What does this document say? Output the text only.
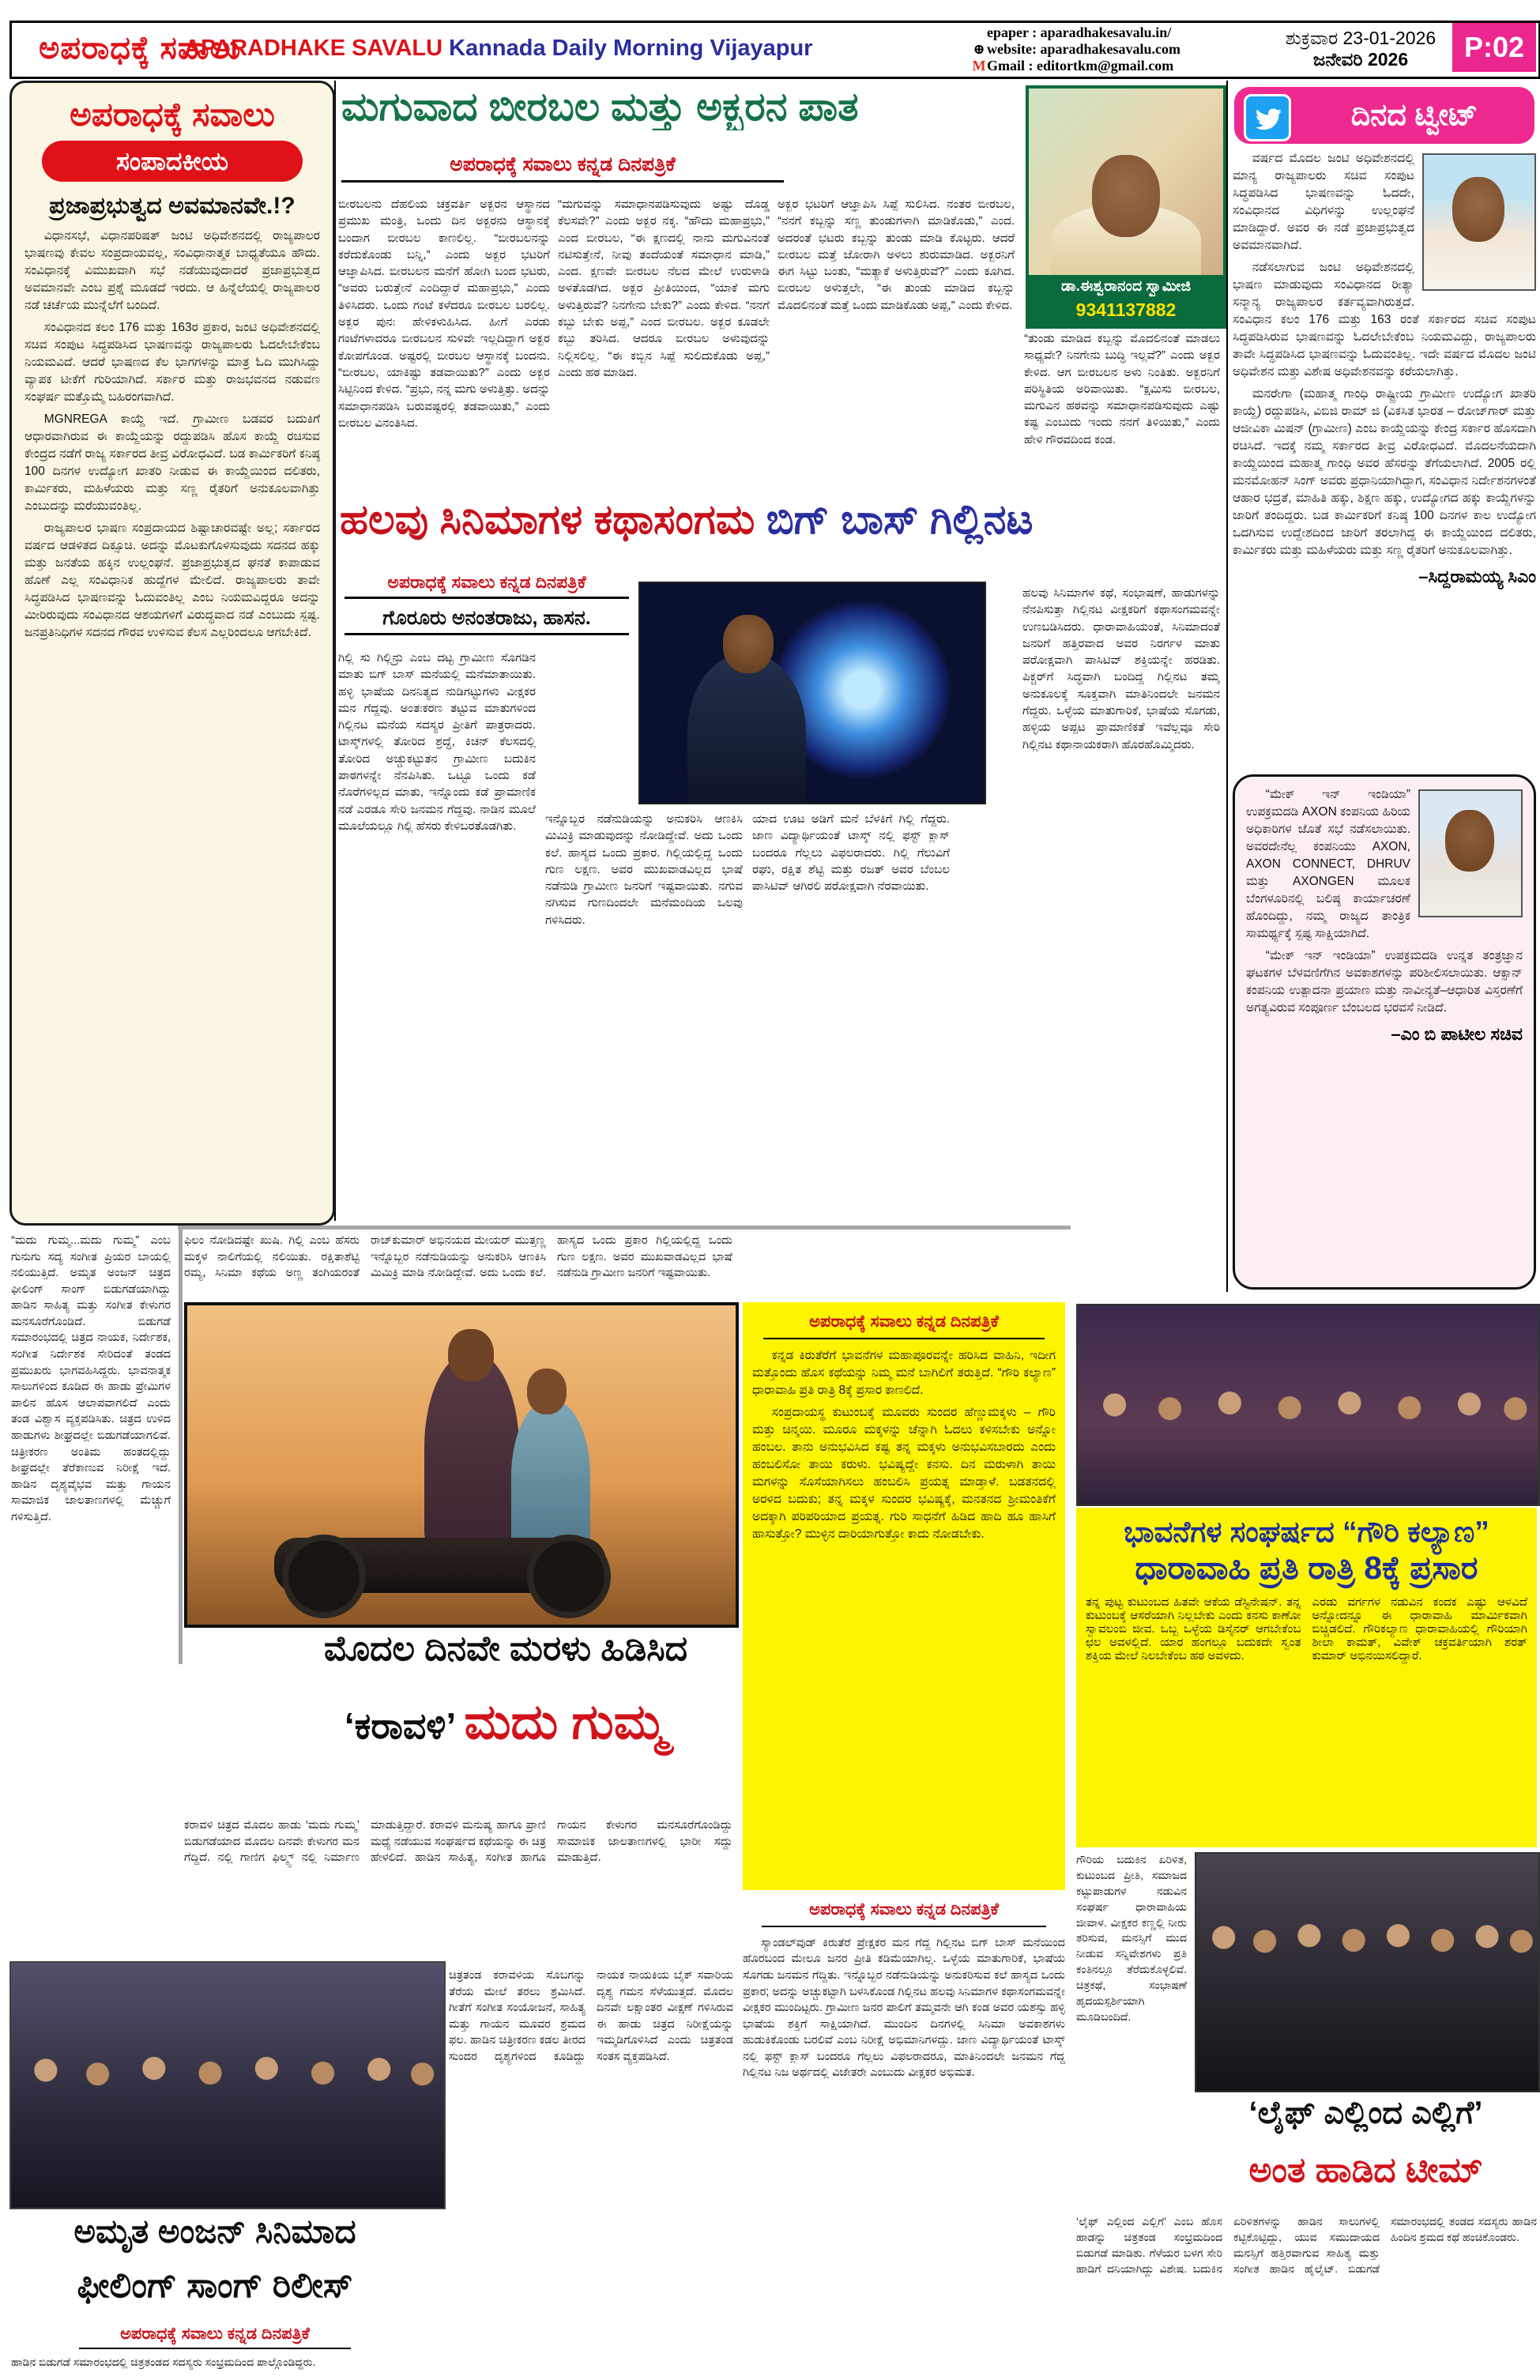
ಅಪರಾಧಕ್ಕೆ ಸವಾಲು
APARADHAKE SAVALU Kannada Daily Morning Vijayapur
epaper : aparadhakesavalu.in/
⊕ website: aparadhakesavalu.com
MGmail : editortkm@gmail.com
ಶುಕ್ರವಾರ 23-01-2026
ಜನೇವರಿ 2026	P:02
ಅಪರಾಧಕ್ಕೆ ಸವಾಲು
ಸಂಪಾದಕೀಯ
ಪ್ರಜಾಪ್ರಭುತ್ವದ ಅವಮಾನವೇ.!?

ವಿಧಾನಸಭೆ, ವಿಧಾನಪರಿಷತ್ ಜಂಟಿ ಅಧಿವೇಶನದಲ್ಲಿ ರಾಜ್ಯಪಾಲರ ಭಾಷಣವು ಕೇವಲ ಸಂಪ್ರದಾಯವಲ್ಲ, ಸಂವಿಧಾನಾತ್ಮಕ ಬಾಧ್ಯತೆಯೂ ಹೌದು. ಸಂವಿಧಾನಕ್ಕೆ ವಿಮುಖವಾಗಿ ಸಭೆ ನಡೆಯುವುದಾದರೆ ಪ್ರಜಾಪ್ರಭುತ್ವದ ಅವಮಾನವೇ ಎಂಬ ಪ್ರಶ್ನೆ ಮೂಡದೆ ಇರದು. ಆ ಹಿನ್ನೆಲೆಯಲ್ಲಿ ರಾಜ್ಯಪಾಲರ ನಡೆ ಚರ್ಚೆಯ ಮುನ್ನೆಲೆಗೆ ಬಂದಿದೆ.

ಸಂವಿಧಾನದ ಕಲಂ 176 ಮತ್ತು 163ರ ಪ್ರಕಾರ, ಜಂಟಿ ಅಧಿವೇಶನದಲ್ಲಿ ಸಚಿವ ಸಂಪುಟ ಸಿದ್ಧಪಡಿಸಿದ ಭಾಷಣವನ್ನು ರಾಜ್ಯಪಾಲರು ಓದಲೇಬೇಕೆಂಬ ನಿಯಮವಿದೆ. ಆದರೆ ಭಾಷಣದ ಕೆಲ ಭಾಗಗಳನ್ನು ಮಾತ್ರ ಓದಿ ಮುಗಿಸಿದ್ದು ವ್ಯಾಪಕ ಟೀಕೆಗೆ ಗುರಿಯಾಗಿದೆ. ಸರ್ಕಾರ ಮತ್ತು ರಾಜಭವನದ ನಡುವಣ ಸಂಘರ್ಷ ಮತ್ತೊಮ್ಮೆ ಬಹಿರಂಗವಾಗಿದೆ.

MGNREGA ಕಾಯ್ದೆ ಇದೆ. ಗ್ರಾಮೀಣ ಬಡವರ ಬದುಕಿಗೆ ಆಧಾರವಾಗಿರುವ ಈ ಕಾಯ್ದೆಯನ್ನು ರದ್ದುಪಡಿಸಿ ಹೊಸ ಕಾಯ್ದೆ ರಚಿಸುವ ಕೇಂದ್ರದ ನಡೆಗೆ ರಾಜ್ಯ ಸರ್ಕಾರದ ತೀವ್ರ ವಿರೋಧವಿದೆ. ಬಡ ಕಾರ್ಮಿಕರಿಗೆ ಕನಿಷ್ಠ 100 ದಿನಗಳ ಉದ್ಯೋಗ ಖಾತರಿ ನೀಡುವ ಈ ಕಾಯ್ದೆಯಿಂದ ದಲಿತರು, ಕಾರ್ಮಿಕರು, ಮಹಿಳೆಯರು ಮತ್ತು ಸಣ್ಣ ರೈತರಿಗೆ ಅನುಕೂಲವಾಗಿತ್ತು ಎಂಬುದನ್ನು ಮರೆಯುವಂತಿಲ್ಲ.

ರಾಜ್ಯಪಾಲರ ಭಾಷಣ ಸಂಪ್ರದಾಯದ ಶಿಷ್ಟಾಚಾರವಷ್ಟೇ ಅಲ್ಲ; ಸರ್ಕಾರದ ವರ್ಷದ ಆಡಳಿತದ ದಿಕ್ಸೂಚಿ. ಅದನ್ನು ಮೊಟಕುಗೊಳಿಸುವುದು ಸದನದ ಹಕ್ಕು ಮತ್ತು ಜನತೆಯ ಹಕ್ಕಿನ ಉಲ್ಲಂಘನೆ. ಪ್ರಜಾಪ್ರಭುತ್ವದ ಘನತೆ ಕಾಪಾಡುವ ಹೊಣೆ ಎಲ್ಲ ಸಂವಿಧಾನಿಕ ಹುದ್ದೆಗಳ ಮೇಲಿದೆ. ರಾಜ್ಯಪಾಲರು ತಾವೇ ಸಿದ್ಧಪಡಿಸಿದ ಭಾಷಣವನ್ನು ಓದುವಂತಿಲ್ಲ ಎಂಬ ನಿಯಮವಿದ್ದರೂ ಅದನ್ನು ಮೀರಿರುವುದು ಸಂವಿಧಾನದ ಆಶಯಗಳಿಗೆ ವಿರುದ್ಧವಾದ ನಡೆ ಎಂಬುದು ಸ್ಪಷ್ಟ. ಜನಪ್ರತಿನಿಧಿಗಳ ಸದನದ ಗೌರವ ಉಳಿಸುವ ಕೆಲಸ ಎಲ್ಲರಿಂದಲೂ ಆಗಬೇಕಿದೆ.

ಮಗುವಾದ ಬೀರಬಲ ಮತ್ತು ಅಕ್ಬರನ ಪಾತ
ಅಪರಾಧಕ್ಕೆ ಸವಾಲು ಕನ್ನಡ ದಿನಪತ್ರಿಕೆ
ಬೀರಬಲನು ದೆಹಲಿಯ ಚಕ್ರವರ್ತಿ ಅಕ್ಬರನ ಆಸ್ಥಾನದ ಪ್ರಮುಖ ಮಂತ್ರಿ, ಒಂದು ದಿನ ಅಕ್ಬರನು ಆಸ್ಥಾನಕ್ಕೆ ಬಂದಾಗ ಬೀರಬಲ ಕಾಣಲಿಲ್ಲ. “ಬೀರಬಲನನ್ನು ಕರೆದುಕೊಂಡು ಬನ್ನಿ,” ಎಂದು ಅಕ್ಬರ ಭಟರಿಗೆ ಆಜ್ಞಾಪಿಸಿದ. ಬೀರಬಲನ ಮನೆಗೆ ಹೋಗಿ ಬಂದ ಭಟರು, “ಅವರು ಬರುತ್ತೇನೆ ಎಂದಿದ್ದಾರೆ ಮಹಾಪ್ರಭು,” ಎಂದು ತಿಳಿಸಿದರು. ಒಂದು ಗಂಟೆ ಕಳೆದರೂ ಬೀರಬಲ ಬರಲಿಲ್ಲ. ಅಕ್ಬರ ಪುನಃ ಹೇಳಿಕಳುಹಿಸಿದ. ಹೀಗೆ ಎರಡು ಗಂಟೆಗಳಾದರೂ ಬೀರಬಲನ ಸುಳಿವೇ ಇಲ್ಲದಿದ್ದಾಗ ಅಕ್ಬರ ಕೋಪಗೊಂಡ. ಅಷ್ಟರಲ್ಲಿ ಬೀರಬಲ ಆಸ್ಥಾನಕ್ಕೆ ಬಂದನು. “ಬೀರಬಲ, ಯಾಕಿಷ್ಟು ತಡವಾಯಿತು?” ಎಂದು ಅಕ್ಬರ ಸಿಟ್ಟಿನಿಂದ ಕೇಳಿದ. “ಪ್ರಭು, ನನ್ನ ಮಗು ಅಳುತ್ತಿತ್ತು. ಅದನ್ನು ಸಮಾಧಾನಪಡಿಸಿ ಬರುವಷ್ಟರಲ್ಲಿ ತಡವಾಯಿತು,” ಎಂದು ಬೀರಬಲ ವಿನಂತಿಸಿದ.
“ಮಗುವನ್ನು ಸಮಾಧಾನಪಡಿಸುವುದು ಅಷ್ಟು ದೊಡ್ಡ ಕೆಲಸವೇ?” ಎಂದು ಅಕ್ಬರ ನಕ್ಕ. “ಹೌದು ಮಹಾಪ್ರಭು,” ಎಂದ ಬೀರಬಲ, “ಈ ಕ್ಷಣದಲ್ಲಿ ನಾನು ಮಗುವಿನಂತೆ ನಟಿಸುತ್ತೇನೆ, ನೀವು ತಂದೆಯಂತೆ ಸಮಾಧಾನ ಮಾಡಿ,” ಎಂದ. ಕ್ಷಣವೇ ಬೀರಬಲ ನೆಲದ ಮೇಲೆ ಉರುಳಾಡಿ ಅಳತೊಡಗಿದ. ಅಕ್ಬರ ಪ್ರೀತಿಯಿಂದ, “ಯಾಕೆ ಮಗು ಅಳುತ್ತಿರುವೆ? ನಿನಗೇನು ಬೇಕು?” ಎಂದು ಕೇಳಿದ. “ನನಗೆ ಕಬ್ಬು ಬೇಕು ಅಪ್ಪ,” ಎಂದ ಬೀರಬಲ. ಅಕ್ಬರ ಕೂಡಲೇ ಕಬ್ಬು ತರಿಸಿದ. ಆದರೂ ಬೀರಬಲ ಅಳುವುದನ್ನು ನಿಲ್ಲಿಸಲಿಲ್ಲ. “ಈ ಕಬ್ಬಿನ ಸಿಪ್ಪೆ ಸುಲಿದುಕೊಡು ಅಪ್ಪ,” ಎಂದು ಹಠ ಮಾಡಿದ.
ಅಕ್ಬರ ಭಟರಿಗೆ ಆಜ್ಞಾಪಿಸಿ ಸಿಪ್ಪೆ ಸುಲಿಸಿದ. ನಂತರ ಬೀರಬಲ, “ನನಗೆ ಕಬ್ಬನ್ನು ಸಣ್ಣ ತುಂಡುಗಳಾಗಿ ಮಾಡಿಕೊಡು,” ಎಂದ. ಅದರಂತೆ ಭಟರು ಕಬ್ಬನ್ನು ತುಂಡು ಮಾಡಿ ಕೊಟ್ಟರು. ಆದರೆ ಬೀರಬಲ ಮತ್ತೆ ಜೋರಾಗಿ ಅಳಲು ಶುರುಮಾಡಿದ. ಅಕ್ಬರನಿಗೆ ಈಗ ಸಿಟ್ಟು ಬಂತು, “ಮತ್ಯಾಕೆ ಅಳುತ್ತಿರುವೆ?” ಎಂದು ಕೂಗಿದ. ಬೀರಬಲ ಅಳುತ್ತಲೇ, “ಈ ತುಂಡು ಮಾಡಿದ ಕಬ್ಬನ್ನು ಮೊದಲಿನಂತೆ ಮತ್ತೆ ಒಂದು ಮಾಡಿಕೊಡು ಅಪ್ಪ,” ಎಂದು ಕೇಳಿದ.
“ತುಂಡು ಮಾಡಿದ ಕಬ್ಬನ್ನು ಮೊದಲಿನಂತೆ ಮಾಡಲು ಸಾಧ್ಯವೇ? ನಿನಗೇನು ಬುದ್ಧಿ ಇಲ್ಲವೆ?” ಎಂದು ಅಕ್ಬರ ಕೇಳಿದ. ಆಗ ಬೀರಬಲನ ಅಳು ನಿಂತಿತು. ಅಕ್ಬರನಿಗೆ ಪರಿಸ್ಥಿತಿಯ ಅರಿವಾಯಿತು. “ಕ್ಷಮಿಸು ಬೀರಬಲ, ಮಗುವಿನ ಹಠವನ್ನು ಸಮಾಧಾನಪಡಿಸುವುದು ಎಷ್ಟು ಕಷ್ಟ ಎಂಬುದು ಇಂದು ನನಗೆ ತಿಳಿಯಿತು,” ಎಂದು ಹೇಳಿ ಗೌರವದಿಂದ ಕಂಡ.
ಡಾ.ಈಶ್ವರಾನಂದ ಸ್ವಾಮೀಜಿ
9341137882
ದಿನದ ಟ್ವೀಟ್

ವರ್ಷದ ಮೊದಲ ಜಂಟಿ ಅಧಿವೇಶನದಲ್ಲಿ ಮಾನ್ಯ ರಾಜ್ಯಪಾಲರು ಸಚಿವ ಸಂಪುಟ ಸಿದ್ಧಪಡಿಸಿದ ಭಾಷಣವನ್ನು ಓದದೇ, ಸಂವಿಧಾನದ ವಿಧಿಗಳನ್ನು ಉಲ್ಲಂಘನೆ ಮಾಡಿದ್ದಾರೆ. ಅವರ ಈ ನಡೆ ಪ್ರಜಾಪ್ರಭುತ್ವದ ಅವಮಾನವಾಗಿದೆ.

ನಡೆಸಲಾಗುವ ಜಂಟಿ ಅಧಿವೇಶನದಲ್ಲಿ ಭಾಷಣ ಮಾಡುವುದು ಸಂವಿಧಾನದ ರೀತ್ಯಾ ಸನ್ಮಾನ್ಯ ರಾಜ್ಯಪಾಲರ ಕರ್ತವ್ಯವಾಗಿರುತ್ತದೆ. ಸಂವಿಧಾನ ಕಲಂ 176 ಮತ್ತು 163 ರಂತೆ ಸರ್ಕಾರದ ಸಚಿವ ಸಂಪುಟ ಸಿದ್ಧಪಡಿಸಿರುವ ಭಾಷಣವನ್ನು ಓದಲೇಬೇಕೆಂಬ ನಿಯಮವಿದ್ದು, ರಾಜ್ಯಪಾಲರು ತಾವೇ ಸಿದ್ಧಪಡಿಸಿದ ಭಾಷಣವನ್ನು ಓದುವಂತಿಲ್ಲ. ಇದೇ ವರ್ಷದ ಮೊದಲ ಜಂಟಿ ಅಧಿವೇಶನ ಮತ್ತು ವಿಶೇಷ ಅಧಿವೇಶನವನ್ನು ಕರೆಯಲಾಗಿತ್ತು.

ಮನರೇಗಾ (ಮಹಾತ್ಮ ಗಾಂಧಿ ರಾಷ್ಟ್ರೀಯ ಗ್ರಾಮೀಣ ಉದ್ಯೋಗ ಖಾತರಿ ಕಾಯ್ದೆ) ರದ್ದುಪಡಿಸಿ, ವಿಬಿಜಿ ರಾಮ್ ಜಿ (ವಿಕಸಿತ ಭಾರತ – ರೋಜ್‌ಗಾರ್ ಮತ್ತು ಆಜೀವಿಕಾ ಮಿಷನ್ (ಗ್ರಾಮೀಣ) ಎಂಬ ಕಾಯ್ದೆಯನ್ನು ಕೇಂದ್ರ ಸರ್ಕಾರ ಹೊಸದಾಗಿ ರಚಿಸಿದೆ. ಇದಕ್ಕೆ ನಮ್ಮ ಸರ್ಕಾರದ ತೀವ್ರ ವಿರೋಧವಿದೆ. ಮೊದಲನೆಯದಾಗಿ ಕಾಯ್ದೆಯಿಂದ ಮಹಾತ್ಮ ಗಾಂಧಿ ಅವರ ಹೆಸರನ್ನು ತೆಗೆಯಲಾಗಿದೆ. 2005 ರಲ್ಲಿ ಮನಮೋಹನ್ ಸಿಂಗ್ ಅವರು ಪ್ರಧಾನಿಯಾಗಿದ್ದಾಗ, ಸಂವಿಧಾನ ನಿರ್ದೇಶನಗಳಂತೆ ಆಹಾರ ಭದ್ರತೆ, ಮಾಹಿತಿ ಹಕ್ಕು, ಶಿಕ್ಷಣ ಹಕ್ಕು, ಉದ್ಯೋಗದ ಹಕ್ಕು ಕಾಯ್ದೆಗಳನ್ನು ಜಾರಿಗೆ ತಂದಿದ್ದರು. ಬಡ ಕಾರ್ಮಿಕರಿಗೆ ಕನಿಷ್ಠ 100 ದಿನಗಳ ಕಾಲ ಉದ್ಯೋಗ ಒದಗಿಸುವ ಉದ್ದೇಶದಿಂದ ಜಾರಿಗೆ ತರಲಾಗಿದ್ದ ಈ ಕಾಯ್ದೆಯಿಂದ ದಲಿತರು, ಕಾರ್ಮಿಕರು ಮತ್ತು ಮಹಿಳೆಯರು ಮತ್ತು ಸಣ್ಣ ರೈತರಿಗೆ ಅನುಕೂಲವಾಗಿತ್ತು.

–ಸಿದ್ದರಾಮಯ್ಯ ಸಿಎಂ

“ಮೇಕ್ ಇನ್ ಇಂಡಿಯಾ” ಉಪಕ್ರಮದಡಿ AXON ಕಂಪನಿಯ ಹಿರಿಯ ಅಧಿಕಾರಿಗಳ ಜೊತೆ ಸಭೆ ನಡೆಸಲಾಯಿತು. ಅವರದೇನೆಲ್ಲ ಕಂಪನಿಯು AXON, AXON CONNECT, DHRUV ಮತ್ತು AXONGEN ಮೂಲಕ ಬೆಂಗಳೂರಿನಲ್ಲಿ ಬಲಿಷ್ಠ ಕಾರ್ಯಾಚರಣೆ ಹೊಂದಿದ್ದು, ನಮ್ಮ ರಾಜ್ಯದ ತಾಂತ್ರಿಕ ಸಾಮರ್ಥ್ಯಕ್ಕೆ ಸ್ಪಷ್ಟ ಸಾಕ್ಷಿಯಾಗಿದೆ.

“ಮೇಕ್ ಇನ್ ಇಂಡಿಯಾ” ಉಪಕ್ರಮದಡಿ ಉನ್ನತ ತಂತ್ರಜ್ಞಾನ ಘಟಕಗಳ ಬೆಳವಣಿಗೆಗಿನ ಅವಕಾಶಗಳನ್ನು ಪರಿಶೀಲಿಸಲಾಯಿತು. ಆಕ್ಸಾನ್ ಕಂಪನಿಯ ಉತ್ಪಾದನಾ ಪ್ರಯಾಣ ಮತ್ತು ನಾವೀನ್ಯತೆ–ಆಧಾರಿತ ವಿಸ್ತರಣೆಗೆ ಅಗತ್ಯವಿರುವ ಸಂಪೂರ್ಣ ಬೆಂಬಲದ ಭರವಸೆ ನೀಡಿದೆ.

–ಎಂ ಬಿ ಪಾಟೀಲ ಸಚಿವ

ಹಲವು ಸಿನಿಮಾಗಳ ಕಥಾಸಂಗಮ ಬಿಗ್ ಬಾಸ್ ಗಿಲ್ಲಿನಟ
ಅಪರಾಧಕ್ಕೆ ಸವಾಲು ಕನ್ನಡ ದಿನಪತ್ರಿಕೆ
ಗೊರೂರು ಅನಂತರಾಜು, ಹಾಸನ.
ಗಿಲ್ಲಿ ಸು ಗಿಲ್ಲಿನ್ರು ಎಂಬ ದಟ್ಟ ಗ್ರಾಮೀಣ ಸೊಗಡಿನ ಮಾತು ಬಿಗ್ ಬಾಸ್ ಮನೆಯಲ್ಲಿ ಮನೆಮಾತಾಯಿತು. ಹಳ್ಳಿ ಭಾಷೆಯ ದಿನನಿತ್ಯದ ನುಡಿಗಟ್ಟುಗಳು ವೀಕ್ಷಕರ ಮನ ಗೆದ್ದವು. ಅಂತಃಕರಣ ತಟ್ಟುವ ಮಾತುಗಳಿಂದ ಗಿಲ್ಲಿನಟ ಮನೆಯ ಸದಸ್ಯರ ಪ್ರೀತಿಗೆ ಪಾತ್ರರಾದರು. ಟಾಸ್ಕ್‌ಗಳಲ್ಲಿ ತೋರಿದ ಶ್ರದ್ಧೆ, ಕಿಚನ್ ಕೆಲಸದಲ್ಲಿ ತೋರಿದ ಅಚ್ಚುಕಟ್ಟುತನ ಗ್ರಾಮೀಣ ಬದುಕಿನ ಪಾಠಗಳನ್ನೇ ನೆನಪಿಸಿತು. ಒಟ್ಟೂ ಒಂದು ಕಡೆ ನೊರೆಗಳಿಲ್ಲದ ಮಾತು, ಇನ್ನೊಂದು ಕಡೆ ಪ್ರಾಮಾಣಿಕ ನಡೆ ಎರಡೂ ಸೇರಿ ಜನಮನ ಗೆದ್ದವು. ನಾಡಿನ ಮೂಲೆ ಮೂಲೆಯಲ್ಲೂ ಗಿಲ್ಲಿ ಹೆಸರು ಕೇಳಿಬರತೊಡಗಿತು.
ಇನ್ನೊಬ್ಬರ ನಡೆನುಡಿಯನ್ನು ಅನುಕರಿಸಿ ಆಣಕಿಸಿ ಮಿಮಿಕ್ರಿ ಮಾಡುವುದನ್ನು ನೋಡಿದ್ದೇವೆ. ಅದು ಒಂದು ಕಲೆ. ಹಾಸ್ಯದ ಒಂದು ಪ್ರಕಾರ. ಗಿಲ್ಲಿಯಲ್ಲಿದ್ದ ಒಂದು ಗುಣ ಲಕ್ಷಣ. ಅವರ ಮುಖವಾಡವಿಲ್ಲದ ಭಾಷೆ ನಡೆನುಡಿ ಗ್ರಾಮೀಣ ಜನರಿಗೆ ಇಷ್ಟವಾಯಿತು. ನಗುವ ನಗಿಸುವ ಗುಣದಿಂದಲೇ ಮನೆಮಂದಿಯ ಒಲವು ಗಳಿಸಿದರು.
ಯಾದ ಊಟ ಅಡಿಗೆ ಮನೆ ಬೆಳಕಿಗೆ ಗಿಲ್ಲಿ ಗೆದ್ದರು. ಜಾಣ ವಿದ್ಯಾರ್ಥಿಯಂತೆ ಟಾಸ್ಕ್ ನಲ್ಲಿ ಫಸ್ಟ್ ಕ್ಲಾಸ್ ಬಂದರೂ ಗೆಲ್ಲಲು ವಿಫಲರಾದರು. ಗಿಲ್ಲಿ ಗೆಲುವಿಗೆ ರಘು, ರಕ್ಷಿತ ಶೆಟ್ಟಿ ಮತ್ತು ರಜತ್ ಅವರ ಬೆಂಬಲ ಪಾಸಿಟಿವ್ ಆಗಿರಲಿ ಪರೋಕ್ಷವಾಗಿ ನೆರವಾಯಿತು.
ಹಲವು ಸಿನಿಮಾಗಳ ಕಥೆ, ಸಂಭಾಷಣೆ, ಹಾಡುಗಳನ್ನು ನೆನಪಿಸುತ್ತಾ ಗಿಲ್ಲಿನಟ ವೀಕ್ಷಕರಿಗೆ ಕಥಾಸಂಗಮವನ್ನೇ ಉಣಬಡಿಸಿದರು. ಧಾರಾವಾಹಿಯಂತೆ, ಸಿನಿಮಾದಂತೆ ಜನರಿಗೆ ಹತ್ತಿರವಾದ ಅವರ ನಿರರ್ಗಳ ಮಾತು ಪರೋಕ್ಷವಾಗಿ ಪಾಸಿಟಿವ್ ಶಕ್ತಿಯನ್ನೇ ಹರಡಿತು. ಪಿಕ್ಚರ್‌ಗೆ ಸಿದ್ಧವಾಗಿ ಬಂದಿದ್ದ ಗಿಲ್ಲಿನಟ ತಮ್ಮ ಅನುಕೂಲಕ್ಕೆ ಸೂಕ್ತವಾಗಿ ಮಾತಿನಿಂದಲೇ ಜನಮನ ಗೆದ್ದರು. ಒಳ್ಳೆಯ ಮಾತುಗಾರಿಕೆ, ಭಾಷೆಯ ಸೊಗಡು, ಹಳ್ಳಿಯ ಅಪ್ಪಟ ಪ್ರಾಮಾಣಿಕತೆ ಇವೆಲ್ಲವೂ ಸೇರಿ ಗಿಲ್ಲಿನಟ ಕಥಾನಾಯಕರಾಗಿ ಹೊರಹೊಮ್ಮಿದರು.
ಫಿಲಂ ನೋಡಿದಷ್ಟೇ ಖುಷಿ. ಗಿಲ್ಲಿ ಎಂಬ ಹೆಸರು ಮಕ್ಕಳ ನಾಲಿಗೆಯಲ್ಲಿ ನಲಿಯಿತು. ರಕ್ಷಿತಾಶೆಟ್ಟಿ ರಮ್ಯ, ಸಿನಿಮಾ ಕಥೆಯ ಅಣ್ಣ ತಂಗಿಯರಂತೆ ರಾಜ್‌ಕುಮಾರ್ ಅಭಿನಯದ ಮೇಯರ್ ಮುತ್ತಣ್ಣ ಇನ್ನೊಬ್ಬರ ನಡೆನುಡಿಯನ್ನು ಅನುಕರಿಸಿ ಆಣಕಿಸಿ ಮಿಮಿಕ್ರಿ ಮಾಡಿ ನೋಡಿದ್ದೇವೆ. ಅದು ಒಂದು ಕಲೆ. ಹಾಸ್ಯದ ಒಂದು ಪ್ರಕಾರ ಗಿಲ್ಲಿಯಲ್ಲಿದ್ದ ಒಂದು ಗುಣ ಲಕ್ಷಣ. ಅವರ ಮುಖವಾಡವಿಲ್ಲದ ಭಾಷೆ ನಡೆನುಡಿ ಗ್ರಾಮೀಣ ಜನರಿಗೆ ಇಷ್ಟವಾಯಿತು.
ಮೊದಲ ದಿನವೇ ಮರಳು ಹಿಡಿಸಿದ
‘ಕರಾವಳಿ’ ಮದು ಗುಮ್ಮ
ಕರಾವಳಿ ಚಿತ್ರದ ಮೊದಲ ಹಾಡು ‘ಮದು ಗುಮ್ಮ’ ಬಿಡುಗಡೆಯಾದ ಮೊದಲ ದಿನವೇ ಕೇಳುಗರ ಮನ ಗೆದ್ದಿದೆ. ನಲ್ಲಿ ಗಾಣಿಗ ಫಿಲ್ಮ್ಸ್ ನಲ್ಲಿ ನಿರ್ಮಾಣ ಮಾಡುತ್ತಿದ್ದಾರೆ. ಕರಾವಳಿ ಮನುಷ್ಯ ಹಾಗೂ ಪ್ರಾಣಿ ಮಧ್ಯೆ ನಡೆಯುವ ಸಂಘರ್ಷದ ಕಥೆಯನ್ನು ಈ ಚಿತ್ರ ಹೇಳಲಿದೆ. ಹಾಡಿನ ಸಾಹಿತ್ಯ, ಸಂಗೀತ ಹಾಗೂ ಗಾಯನ ಕೇಳುಗರ ಮನಸೂರೆಗೊಂಡಿದ್ದು ಸಾಮಾಜಿಕ ಜಾಲತಾಣಗಳಲ್ಲಿ ಭಾರೀ ಸದ್ದು ಮಾಡುತ್ತಿದೆ.
ಚಿತ್ರತಂಡ ಕರಾವಳಿಯ ಸೊಬಗನ್ನು ತೆರೆಯ ಮೇಲೆ ತರಲು ಶ್ರಮಿಸಿದೆ. ಗೀತೆಗೆ ಸಂಗೀತ ಸಂಯೋಜನೆ, ಸಾಹಿತ್ಯ ಮತ್ತು ಗಾಯನ ಮೂವರ ಶ್ರಮದ ಫಲ. ಹಾಡಿನ ಚಿತ್ರೀಕರಣ ಕಡಲ ತೀರದ ಸುಂದರ ದೃಶ್ಯಗಳಿಂದ ಕೂಡಿದ್ದು ನಾಯಕ ನಾಯಕಿಯ ಬೈಕ್ ಸವಾರಿಯ ದೃಶ್ಯ ಗಮನ ಸೆಳೆಯುತ್ತದೆ. ಮೊದಲ ದಿನವೇ ಲಕ್ಷಾಂತರ ವೀಕ್ಷಣೆ ಗಳಿಸಿರುವ ಈ ಹಾಡು ಚಿತ್ರದ ನಿರೀಕ್ಷೆಯನ್ನು ಇಮ್ಮಡಿಗೊಳಿಸಿದೆ ಎಂದು ಚಿತ್ರತಂಡ ಸಂತಸ ವ್ಯಕ್ತಪಡಿಸಿದೆ.
ಅಪರಾಧಕ್ಕೆ ಸವಾಲು ಕನ್ನಡ ದಿನಪತ್ರಿಕೆ

ಕನ್ನಡ ಕಿರುತೆರೆಗೆ ಭಾವನೆಗಳ ಮಹಾಪೂರವನ್ನೇ ಹರಿಸಿದ ವಾಹಿನಿ, ಇದೀಗ ಮತ್ತೊಂದು ಹೊಸ ಕಥೆಯನ್ನು ನಿಮ್ಮ ಮನೆ ಬಾಗಿಲಿಗೆ ತರುತ್ತಿದೆ. “ಗೌರಿ ಕಲ್ಯಾಣ” ಧಾರಾವಾಹಿ ಪ್ರತಿ ರಾತ್ರಿ 8ಕ್ಕೆ ಪ್ರಸಾರ ಕಾಣಲಿದೆ.

ಸಂಪ್ರದಾಯಸ್ಥ ಕುಟುಂಬಕ್ಕೆ ಮೂವರು ಸುಂದರ ಹೆಣ್ಣುಮಕ್ಕಳು – ಗೌರಿ ಮತ್ತು ಚಿನ್ಮಯಿ. ಮೂರೂ ಮಕ್ಕಳನ್ನು ಚೆನ್ನಾಗಿ ಓದಲು ಕಳಿಸಬೇಕು ಅನ್ನೋ ಹಂಬಲ. ತಾನು ಅನುಭವಿಸಿದ ಕಷ್ಟ ತನ್ನ ಮಕ್ಕಳು ಅನುಭವಿಸಬಾರದು ಎಂದು ಹಂಬಲಿಸೋ ತಾಯಿ ಕರುಳು. ಭವಿಷ್ಯದ್ದೇ ಕನಸು. ದಿನ ಮರುಳಾಗಿ ತಾಯಿ ಮಗಳನ್ನು ಸೊಸೆಯಾಗಿಸಲು ಹಂಬಲಿಸಿ ಪ್ರಯತ್ನ ಮಾಡ್ತಾಳೆ. ಬಡತನದಲ್ಲಿ ಅರಳಿದ ಬದುಕು; ತನ್ನ ಮಕ್ಕಳ ಸುಂದರ ಭವಿಷ್ಯಕ್ಕೆ, ಮನತನದ ಶ್ರೀಮಂತಿಕೆಗೆ ಅದಕ್ಕಾಗಿ ಪರಿಪರಿಯಾದ ಪ್ರಯತ್ನ. ಗುರಿ ಸಾಧನೆಗೆ ಹಿಡಿದ ಹಾದಿ ಹೂ ಹಾಸಿಗೆ ಹಾಸುತ್ತೋ? ಮುಳ್ಳಿನ ದಾರಿಯಾಗುತ್ತೋ ಕಾದು ನೋಡಬೇಕು.

ಅಪರಾಧಕ್ಕೆ ಸವಾಲು ಕನ್ನಡ ದಿನಪತ್ರಿಕೆ

ಸ್ಯಾಂಡಲ್‌ವುಡ್ ಕಿರುತೆರೆ ಪ್ರೇಕ್ಷಕರ ಮನ ಗೆದ್ದ ಗಿಲ್ಲಿನಟ ಬಿಗ್ ಬಾಸ್ ಮನೆಯಿಂದ ಹೊರಬಂದ ಮೇಲೂ ಜನರ ಪ್ರೀತಿ ಕಡಿಮೆಯಾಗಿಲ್ಲ. ಒಳ್ಳೆಯ ಮಾತುಗಾರಿಕೆ, ಭಾಷೆಯ ಸೊಗಡು ಜನಮನ ಗೆದ್ದಿತು. ಇನ್ನೊಬ್ಬರ ನಡೆನುಡಿಯನ್ನು ಅನುಕರಿಸುವ ಕಲೆ ಹಾಸ್ಯದ ಒಂದು ಪ್ರಕಾರ; ಅದನ್ನು ಅಚ್ಚುಕಟ್ಟಾಗಿ ಬಳಸಿಕೊಂಡ ಗಿಲ್ಲಿನಟ ಹಲವು ಸಿನಿಮಾಗಳ ಕಥಾಸಂಗಮವನ್ನೇ ವೀಕ್ಷಕರ ಮುಂದಿಟ್ಟರು. ಗ್ರಾಮೀಣ ಜನರ ಪಾಲಿಗೆ ತಮ್ಮವನೇ ಆಗಿ ಕಂಡ ಅವರ ಯಶಸ್ಸು ಹಳ್ಳಿ ಭಾಷೆಯ ಶಕ್ತಿಗೆ ಸಾಕ್ಷಿಯಾಗಿದೆ. ಮುಂದಿನ ದಿನಗಳಲ್ಲಿ ಸಿನಿಮಾ ಅವಕಾಶಗಳು ಹುಡುಕಿಕೊಂಡು ಬರಲಿವೆ ಎಂಬ ನಿರೀಕ್ಷೆ ಅಭಿಮಾನಿಗಳದ್ದು. ಜಾಣ ವಿದ್ಯಾರ್ಥಿಯಂತೆ ಟಾಸ್ಕ್ ನಲ್ಲಿ ಫಸ್ಟ್ ಕ್ಲಾಸ್ ಬಂದರೂ ಗೆಲ್ಲಲು ವಿಫಲರಾದರೂ, ಮಾತಿನಿಂದಲೇ ಜನಮನ ಗೆದ್ದ ಗಿಲ್ಲಿನಟ ನಿಜ ಅರ್ಥದಲ್ಲಿ ವಿಜೇತರೇ ಎಂಬುದು ವೀಕ್ಷಕರ ಅಭಿಮತ.

ಭಾವನೆಗಳ ಸಂಘರ್ಷದ “ಗೌರಿ ಕಲ್ಯಾಣ”
ಧಾರಾವಾಹಿ ಪ್ರತಿ ರಾತ್ರಿ 8ಕ್ಕೆ ಪ್ರಸಾರ
ತನ್ನ ಪುಟ್ಟ ಕುಟುಂಬದ ಹಿತವೇ ಆಕೆಯ ಡೆಸ್ಟಿನೇಷನ್. ತನ್ನ ಕುಟುಂಬಕ್ಕೆ ಆಸರೆಯಾಗಿ ನಿಲ್ಲಬೇಕು ಎಂದು ಕನಸು ಕಾಣೋ ಸ್ವಾವಲಂಬಿ ಜೀವ. ಒಬ್ಬ ಒಳ್ಳೆಯ ಡಿಸೈನರ್ ಆಗಬೇಕೆಂಬ ಛಲ ಅವಳಲ್ಲಿದೆ. ಯಾರ ಹಂಗಲ್ಲೂ ಬದುಕದೇ ಸ್ವಂತ ಶಕ್ತಿಯ ಮೇಲೆ ನಿಲಬೇಕೆಂಬ ಹಠ ಅವಳದು.
ಎರಡು ವರ್ಗಗಳ ನಡುವಿನ ಕಂದಕ ಎಷ್ಟು ಆಳವಿದೆ ಅನ್ನೋದನ್ನೂ ಈ ಧಾರಾವಾಹಿ ಮಾರ್ಮಿಕವಾಗಿ ಬಿಚ್ಚಿಡಲಿದೆ. ಗೌರಿಕಲ್ಯಾಣ ಧಾರಾವಾಹಿಯಲ್ಲಿ ಗೌರಿಯಾಗಿ ಶೀಲಾ ಕಾಮತ್, ವಿವೇಕ್ ಚಕ್ರವರ್ತಿಯಾಗಿ ಶರತ್ ಕುಮಾರ್ ಅಭಿನಯಿಸಲಿದ್ದಾರೆ.
ಗೌರಿಯ ಬದುಕಿನ ಏರಿಳಿತ, ಕುಟುಂಬದ ಪ್ರೀತಿ, ಸಮಾಜದ ಕಟ್ಟುಪಾಡುಗಳ ನಡುವಿನ ಸಂಘರ್ಷ ಧಾರಾವಾಹಿಯ ಜೀವಾಳ. ವೀಕ್ಷಕರ ಕಣ್ಣಲ್ಲಿ ನೀರು ತರಿಸುವ, ಮನಸ್ಸಿಗೆ ಮುದ ನೀಡುವ ಸನ್ನಿವೇಶಗಳು ಪ್ರತಿ ಕಂತಿನಲ್ಲೂ ತೆರೆದುಕೊಳ್ಳಲಿವೆ. ಚಿತ್ರಕಥೆ, ಸಂಭಾಷಣೆ ಹೃದಯಸ್ಪರ್ಶಿಯಾಗಿ ಮೂಡಿಬಂದಿದೆ.
‘ಲೈಫ್ ಎಲ್ಲಿಂದ ಎಲ್ಲಿಗೆ’
ಅಂತ ಹಾಡಿದ ಟೀಮ್
‘ಲೈಫ್ ಎಲ್ಲಿಂದ ಎಲ್ಲಿಗೆ’ ಎಂಬ ಹೊಸ ಹಾಡನ್ನು ಚಿತ್ರತಂಡ ಸಂಭ್ರಮದಿಂದ ಬಿಡುಗಡೆ ಮಾಡಿತು. ಗೆಳೆಯರ ಬಳಗ ಸೇರಿ ಹಾಡಿಗೆ ದನಿಯಾಗಿದ್ದು ವಿಶೇಷ. ಬದುಕಿನ ಏರಿಳಿತಗಳನ್ನು ಹಾಡಿನ ಸಾಲುಗಳಲ್ಲಿ ಕಟ್ಟಿಕೊಟ್ಟಿದ್ದು, ಯುವ ಸಮುದಾಯದ ಮನಸ್ಸಿಗೆ ಹತ್ತಿರವಾಗುವ ಸಾಹಿತ್ಯ ಮತ್ತು ಸಂಗೀತ ಹಾಡಿನ ಹೈಲೈಟ್. ಬಿಡುಗಡೆ ಸಮಾರಂಭದಲ್ಲಿ ತಂಡದ ಸದಸ್ಯರು ಹಾಡಿನ ಹಿಂದಿನ ಶ್ರಮದ ಕಥೆ ಹಂಚಿಕೊಂಡರು.
“ಮದು ಗುಮ್ಮ...ಮದು ಗುಮ್ಮ” ಎಂಬ ಗುನುಗು ಸದ್ಯ ಸಂಗೀತ ಪ್ರಿಯರ ಬಾಯಲ್ಲಿ ನಲಿಯುತ್ತಿದೆ. ಅಮೃತ ಅಂಜನ್ ಚಿತ್ರದ ಫೀಲಿಂಗ್ ಸಾಂಗ್ ಬಿಡುಗಡೆಯಾಗಿದ್ದು ಹಾಡಿನ ಸಾಹಿತ್ಯ ಮತ್ತು ಸಂಗೀತ ಕೇಳುಗರ ಮನಸೂರೆಗೊಂಡಿದೆ. ಬಿಡುಗಡೆ ಸಮಾರಂಭದಲ್ಲಿ ಚಿತ್ರದ ನಾಯಕ, ನಿರ್ದೇಶಕ, ಸಂಗೀತ ನಿರ್ದೇಶಕ ಸೇರಿದಂತೆ ತಂಡದ ಪ್ರಮುಖರು ಭಾಗವಹಿಸಿದ್ದರು. ಭಾವನಾತ್ಮಕ ಸಾಲುಗಳಿಂದ ಕೂಡಿದ ಈ ಹಾಡು ಪ್ರೇಮಿಗಳ ಪಾಲಿನ ಹೊಸ ಆಲಾಪವಾಗಲಿದೆ ಎಂದು ತಂಡ ವಿಶ್ವಾಸ ವ್ಯಕ್ತಪಡಿಸಿತು. ಚಿತ್ರದ ಉಳಿದ ಹಾಡುಗಳು ಶೀಘ್ರದಲ್ಲೇ ಬಿಡುಗಡೆಯಾಗಲಿವೆ. ಚಿತ್ರೀಕರಣ ಅಂತಿಮ ಹಂತದಲ್ಲಿದ್ದು ಶೀಘ್ರದಲ್ಲೇ ತೆರೆಕಾಣುವ ನಿರೀಕ್ಷೆ ಇದೆ. ಹಾಡಿನ ದೃಶ್ಯವೈಭವ ಮತ್ತು ಗಾಯನ ಸಾಮಾಜಿಕ ಜಾಲತಾಣಗಳಲ್ಲಿ ಮೆಚ್ಚುಗೆ ಗಳಿಸುತ್ತಿದೆ.
ಅಮೃತ ಅಂಜನ್ ಸಿನಿಮಾದ
ಫೀಲಿಂಗ್ ಸಾಂಗ್ ರಿಲೀಸ್
ಅಪರಾಧಕ್ಕೆ ಸವಾಲು ಕನ್ನಡ ದಿನಪತ್ರಿಕೆ
ಹಾಡಿನ ಬಿಡುಗಡೆ ಸಮಾರಂಭದಲ್ಲಿ ಚಿತ್ರತಂಡದ ಸದಸ್ಯರು ಸಂಭ್ರಮದಿಂದ ಪಾಲ್ಗೊಂಡಿದ್ದರು.
